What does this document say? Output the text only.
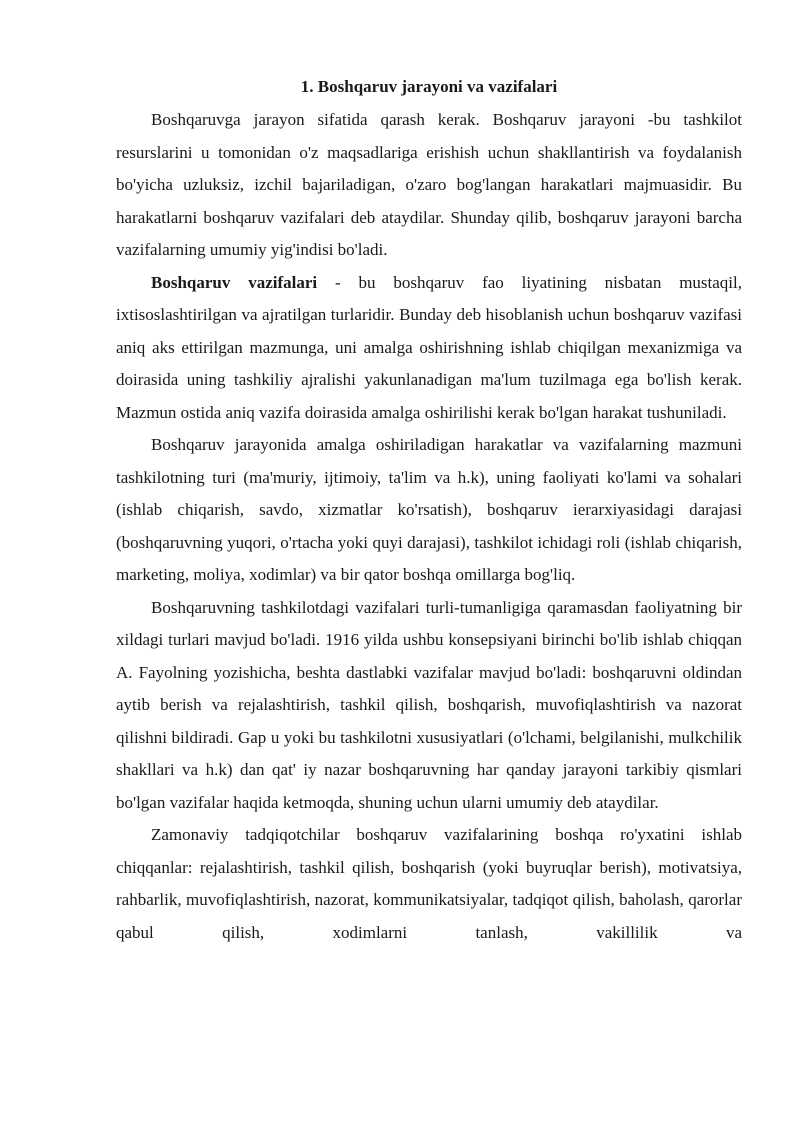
1. Boshqaruv jarayoni va vazifalari

Boshqaruvga jarayon sifatida qarash kerak. Boshqaruv jarayoni -bu tashkilot resurslarini u tomonidan o'z maqsadlariga erishish uchun shakllantirish va foydalanish bo'yicha uzluksiz, izchil bajariladigan, o'zaro bog'langan harakatlari majmuasidir. Bu harakatlarni boshqaruv vazifalari deb ataydilar. Shunday qilib, boshqaruv jarayoni barcha vazifalarning umumiy yig'indisi bo'ladi.

Boshqaruv vazifalari - bu boshqaruv fao liyatining nisbatan mustaqil, ixtisoslashtirilgan va ajratilgan turlaridir. Bunday deb hisoblanish uchun boshqaruv vazifasi aniq aks ettirilgan mazmunga, uni amalga oshirishning ishlab chiqilgan mexanizmiga va doirasida uning tashkiliy ajralishi yakunlanadigan ma'lum tuzilmaga ega bo'lish kerak. Mazmun ostida aniq vazifa doirasida amalga oshirilishi kerak bo'lgan harakat tushuniladi.

Boshqaruv jarayonida amalga oshiriladigan harakatlar va vazifalarning mazmuni tashkilotning turi (ma'muriy, ijtimoiy, ta'lim va h.k), uning faoliyati ko'lami va sohalari (ishlab chiqarish, savdo, xizmatlar ko'rsatish), boshqaruv ierarxiyasidagi darajasi (boshqaruvning yuqori, o'rtacha yoki quyi darajasi), tashkilot ichidagi roli (ishlab chiqarish, marketing, moliya, xodimlar) va bir qator boshqa omillarga bog'liq.

Boshqaruvning tashkilotdagi vazifalari turli-tumanligiga qaramasdan faoliyatning bir xildagi turlari mavjud bo'ladi. 1916 yilda ushbu konsepsiyani birinchi bo'lib ishlab chiqqan A. Fayolning yozishicha, beshta dastlabki vazifalar mavjud bo'ladi: boshqaruvni oldindan aytib berish va rejalashtirish, tashkil qilish, boshqarish, muvofiqlashtirish va nazorat qilishni bildiradi. Gap u yoki bu tashkilotni xususiyatlari (o'lchami, belgilanishi, mulkchilik shakllari va h.k) dan qat' iy nazar boshqaruvning har qanday jarayoni tarkibiy qismlari bo'lgan vazifalar haqida ketmoqda, shuning uchun ularni umumiy deb ataydilar.

Zamonaviy tadqiqotchilar boshqaruv vazifalarining boshqa ro'yxatini ishlab chiqqanlar: rejalashtirish, tashkil qilish, boshqarish (yoki buyruqlar berish), motivatsiya, rahbarlik, muvofiqlashtirish, nazorat, kommunikatsiyalar, tadqiqot qilish, baholash, qarorlar qabul qilish, xodimlarni tanlash, vakillilik va
